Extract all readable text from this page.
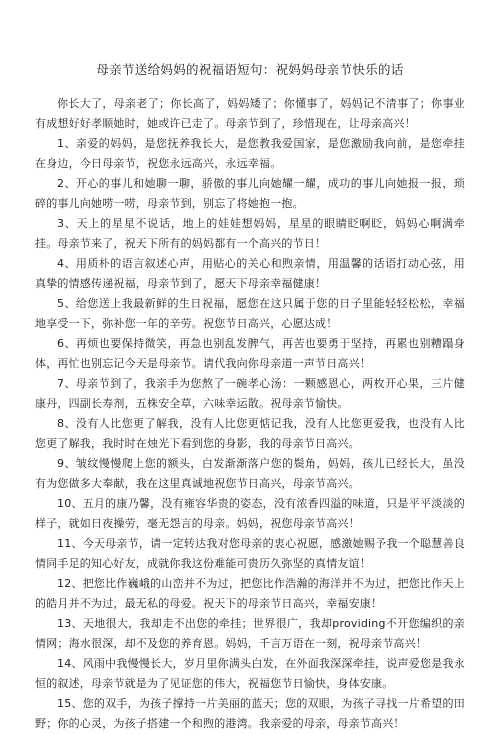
母亲节送给妈妈的祝福语短句：祝妈妈母亲节快乐的话

你长大了，母亲老了；你长高了，妈妈矮了；你懂事了，妈妈记不清事了；你事业有成想好好孝顺她时，她或许已走了。母亲节到了，珍惜现在，让母亲高兴！

1、亲爱的妈妈，是您抚养我长大，是您教我爱国家，是您激励我向前，是您牵挂在身边，今日母亲节，祝您永远高兴，永远幸福。

2、开心的事儿和她聊一聊，骄傲的事儿向她耀一耀，成功的事儿向她报一报，琐碎的事儿向她唠一唠，母亲节到，别忘了将她抱一抱。

3、天上的星星不说话，地上的娃娃想妈妈，星星的眼睛眨啊眨，妈妈心啊满牵挂。母亲节来了，祝天下所有的妈妈都有一个高兴的节日！

4、用质朴的语言叙述心声，用贴心的关心和煦亲情，用温馨的话语打动心弦，用真挚的情感传递祝福，母亲节到了，愿天下母亲幸福健康！

5、给您送上我最新鲜的生日祝福，愿您在这只属于您的日子里能轻轻松松，幸福地享受一下，弥补您一年的辛劳。祝您节日高兴，心愿达成！

6、再烦也要保持微笑，再急也别乱发脾气，再苦也要勇于坚持，再累也别糟蹋身体，再忙也别忘记今天是母亲节。请代我向你母亲道一声节日高兴！

7、母亲节到了，我亲手为您熬了一碗孝心汤：一颗感恩心，两枚开心果，三片健康丹，四副长寿剂，五株安全草，六味幸运散。祝母亲节愉快。

8、没有人比您更了解我，没有人比您更惦记我，没有人比您更爱我，也没有人比您更了解我，我时时在烛光下看到您的身影，我的母亲节日高兴。

9、皱纹慢慢爬上您的额头，白发渐渐落户您的鬓角，妈妈，孩儿已经长大，虽没有为您做多大奉献，我在这里真诚地祝您节日高兴，母亲节高兴。

10、五月的康乃馨，没有雍容华贵的姿态，没有浓香四溢的味道，只是平平淡淡的样子，就如日夜操劳，毫无怨言的母亲。妈妈，祝您母亲节高兴！

11、今天母亲节，请一定转达我对您母亲的衷心祝愿，感激她赐予我一个聪慧善良情同手足的知心好友，成就你我这份难能可贵历久弥坚的真情友谊！

12、把您比作巍峨的山峦并不为过，把您比作浩瀚的海洋并不为过，把您比作天上的皓月并不为过，最无私的母爱。祝天下的母亲节日高兴，幸福安康！

13、天地很大，我却走不出您的牵挂；世界很广，我却providing不开您编织的亲情网；海水很深，却不及您的养育恩。妈妈，千言万语在一刻，祝母亲节高兴！

14、风雨中我慢慢长大，岁月里你满头白发，在外面我深深牵挂，说声爱您是我永恒的叙述，母亲节就是为了见证您的伟大，祝福您节日愉快，身体安康。

15、您的双手，为孩子撑持一片美丽的蓝天；您的双眼，为孩子寻找一片希望的田野；你的心灵，为孩子搭建一个和煦的港湾。我亲爱的母亲，母亲节高兴！
